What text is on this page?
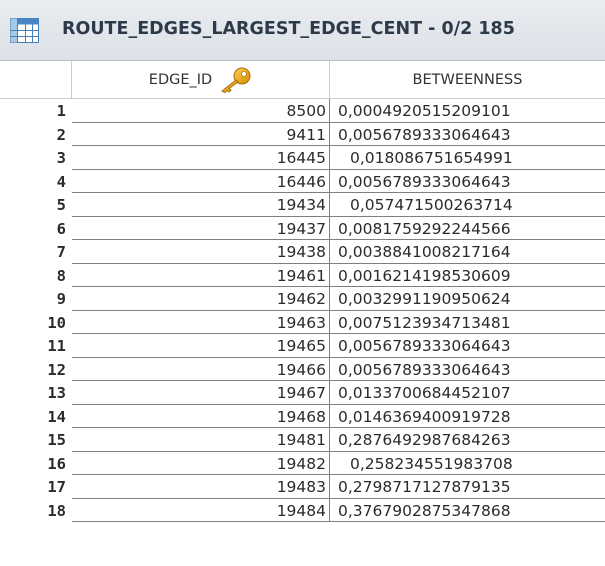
ROUTE_EDGES_LARGEST_EDGE_CENT - 0/2 185
EDGE_ID	BETWEENNESS
1	8500 0,0004920515209101
2	9411 0,0056789333064643
3	16445 0,018086751654991
4	16446 0,0056789333064643
5	19434 0,057471500263714
6	19437 0,0081759292244566
7	19438 0,0038841008217164
8	19461 0,0016214198530609
9	19462 0,0032991190950624
10	19463 0,0075123934713481
11	19465 0,0056789333064643
12	19466 0,0056789333064643
13	19467 0,0133700684452107
14	19468 0,0146369400919728
15	19481 0,2876492987684263
16	19482 0,258234551983708
17	19483 0,2798717127879135
18	19484 0,3767902875347868
